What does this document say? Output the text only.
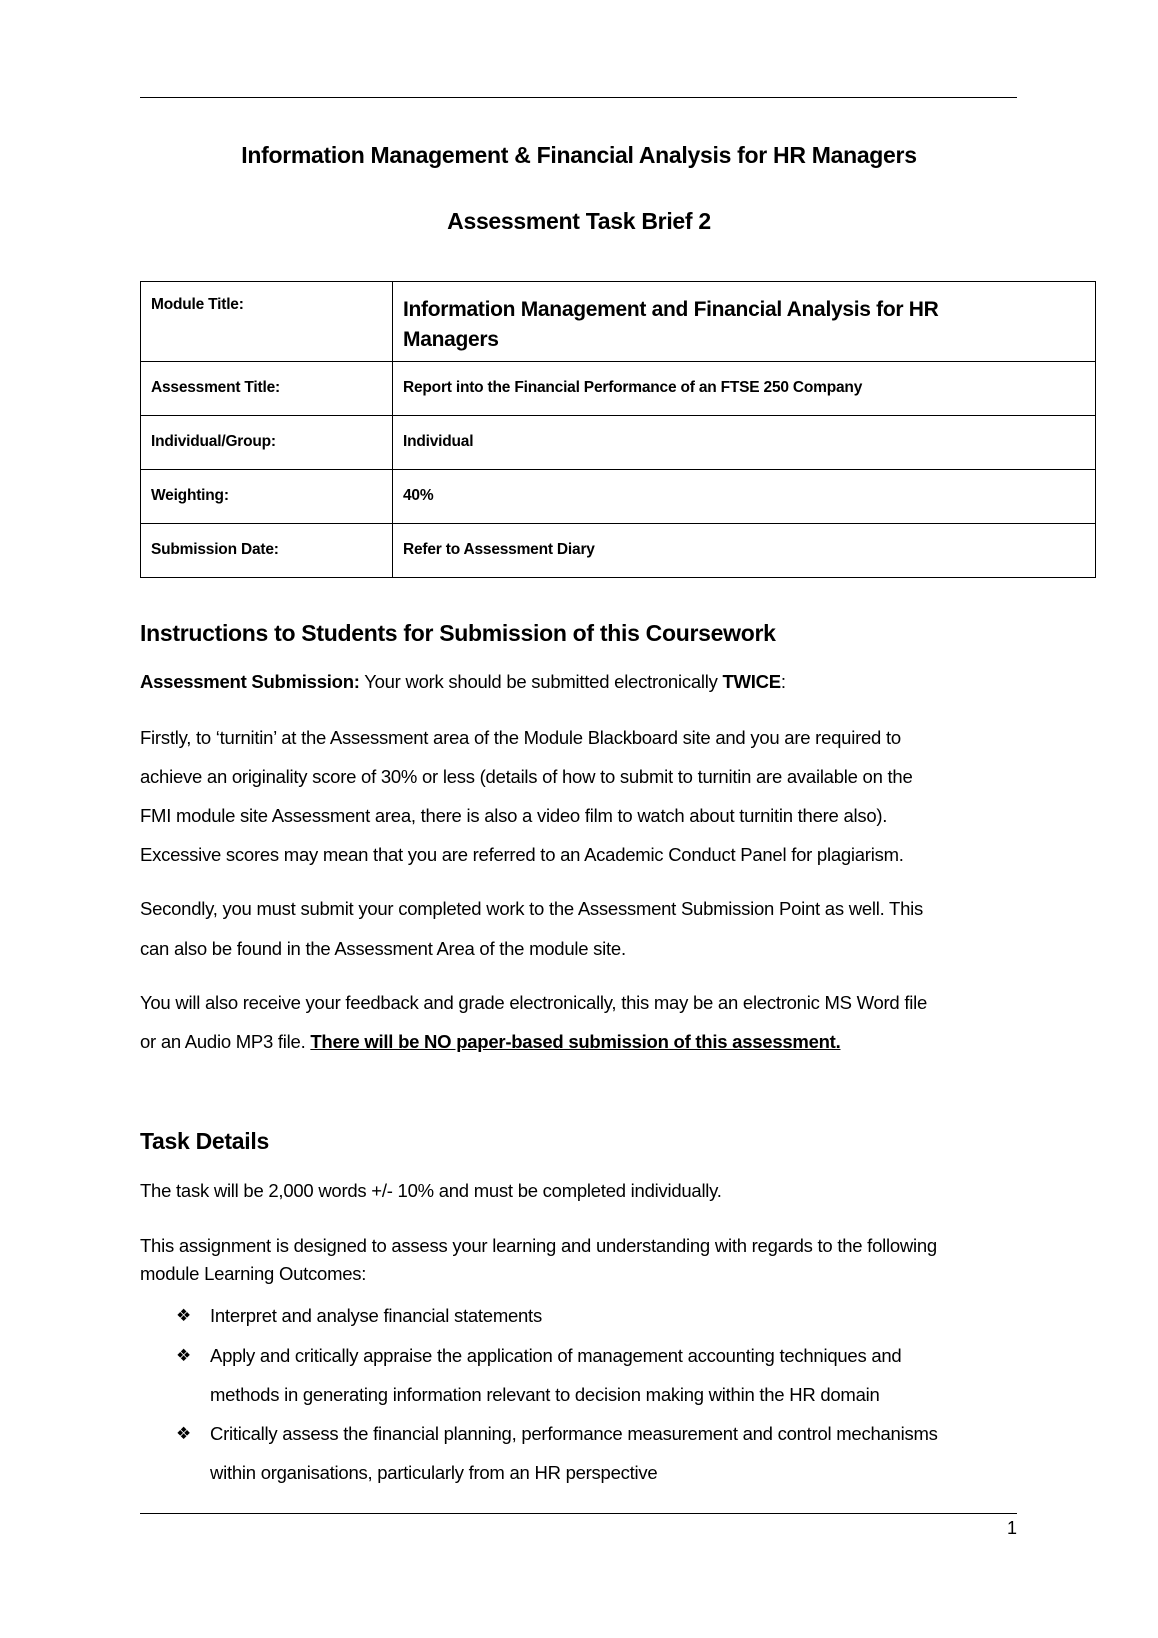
Information Management & Financial Analysis for HR Managers
Assessment Task Brief 2
Module Title:	Information Management and Financial Analysis for HR
Managers

Assessment Title:	Report into the Financial Performance of an FTSE 250 Company
Individual/Group:	Individual
Weighting:	40%
Submission Date:	Refer to Assessment Diary
Instructions to Students for Submission of this Coursework
Assessment Submission: Your work should be submitted electronically TWICE:
Firstly, to ‘turnitin’ at the Assessment area of the Module Blackboard site and you are required to
achieve an originality score of 30% or less (details of how to submit to turnitin are available on the
FMI module site Assessment area, there is also a video film to watch about turnitin there also).
Excessive scores may mean that you are referred to an Academic Conduct Panel for plagiarism.
Secondly, you must submit your completed work to the Assessment Submission Point as well. This
can also be found in the Assessment Area of the module site.
You will also receive your feedback and grade electronically, this may be an electronic MS Word file
or an Audio MP3 file. There will be NO paper-based submission of this assessment.
Task Details
The task will be 2,000 words +/- 10% and must be completed individually.
This assignment is designed to assess your learning and understanding with regards to the following
module Learning Outcomes:
❖ Interpret and analyse financial statements
❖ Apply and critically appraise the application of management accounting techniques and
methods in generating information relevant to decision making within the HR domain
❖ Critically assess the financial planning, performance measurement and control mechanisms
within organisations, particularly from an HR perspective
1
